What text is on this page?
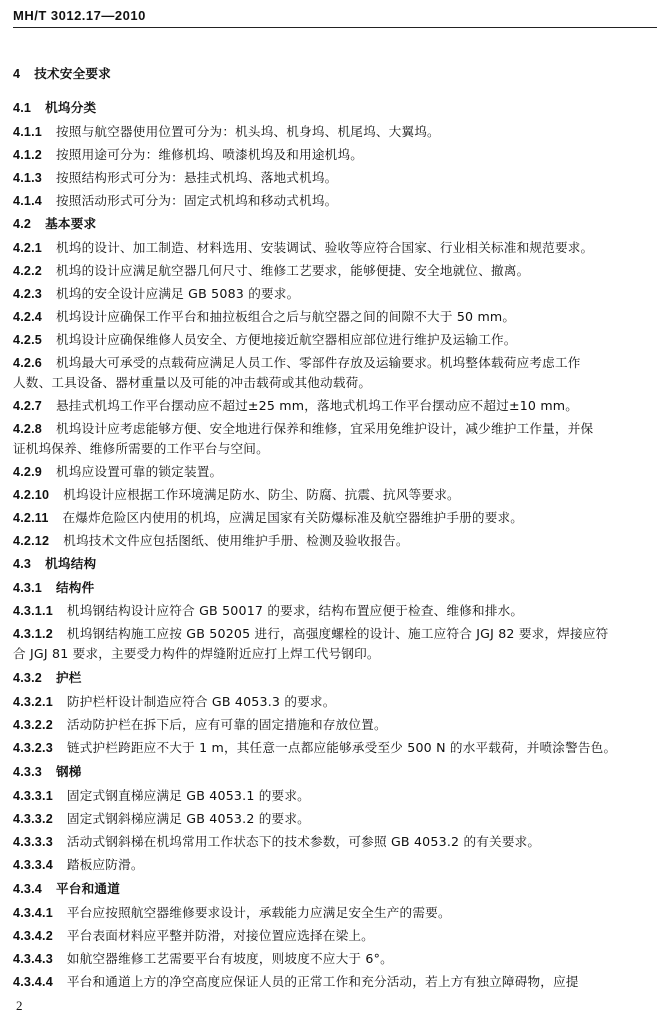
MH/T 3012.17—2010
4 技术安全要求
4.1 机坞分类
4.1.1 按照与航空器使用位置可分为：机头坞、机身坞、机尾坞、大翼坞。
4.1.2 按照用途可分为：维修机坞、喷漆机坞及和用途机坞。
4.1.3 按照结构形式可分为：悬挂式机坞、落地式机坞。
4.1.4 按照活动形式可分为：固定式机坞和移动式机坞。
4.2 基本要求
4.2.1 机坞的设计、加工制造、材料选用、安装调试、验收等应符合国家、行业相关标准和规范要求。
4.2.2 机坞的设计应满足航空器几何尺寸、维修工艺要求，能够便捷、安全地就位、撤离。
4.2.3 机坞的安全设计应满足 GB 5083 的要求。
4.2.4 机坞设计应确保工作平台和抽拉板组合之后与航空器之间的间隙不大于 50 mm。
4.2.5 机坞设计应确保维修人员安全、方便地接近航空器相应部位进行维护及运输工作。
4.2.6 机坞最大可承受的点载荷应满足人员工作、零部件存放及运输要求。机坞整体载荷应考虑工作
人数、工具设备、器材重量以及可能的冲击载荷或其他动载荷。
4.2.7 悬挂式机坞工作平台摆动应不超过±25 mm，落地式机坞工作平台摆动应不超过±10 mm。
4.2.8 机坞设计应考虑能够方便、安全地进行保养和维修，宜采用免维护设计，减少维护工作量，并保
证机坞保养、维修所需要的工作平台与空间。
4.2.9 机坞应设置可靠的锁定装置。
4.2.10 机坞设计应根据工作环境满足防水、防尘、防腐、抗震、抗风等要求。
4.2.11 在爆炸危险区内使用的机坞，应满足国家有关防爆标准及航空器维护手册的要求。
4.2.12 机坞技术文件应包括图纸、使用维护手册、检测及验收报告。
4.3 机坞结构
4.3.1 结构件
4.3.1.1 机坞钢结构设计应符合 GB 50017 的要求，结构布置应便于检查、维修和排水。
4.3.1.2 机坞钢结构施工应按 GB 50205 进行，高强度螺栓的设计、施工应符合 JGJ 82 要求，焊接应符
合 JGJ 81 要求，主要受力构件的焊缝附近应打上焊工代号钢印。
4.3.2 护栏
4.3.2.1 防护栏杆设计制造应符合 GB 4053.3 的要求。
4.3.2.2 活动防护栏在拆下后，应有可靠的固定措施和存放位置。
4.3.2.3 链式护栏跨距应不大于 1 m，其任意一点都应能够承受至少 500 N 的水平载荷，并喷涂警告色。
4.3.3 钢梯
4.3.3.1 固定式钢直梯应满足 GB 4053.1 的要求。
4.3.3.2 固定式钢斜梯应满足 GB 4053.2 的要求。
4.3.3.3 活动式钢斜梯在机坞常用工作状态下的技术参数，可参照 GB 4053.2 的有关要求。
4.3.3.4 踏板应防滑。
4.3.4 平台和通道
4.3.4.1 平台应按照航空器维修要求设计，承载能力应满足安全生产的需要。
4.3.4.2 平台表面材料应平整并防滑，对接位置应选择在梁上。
4.3.4.3 如航空器维修工艺需要平台有坡度，则坡度不应大于 6°。
4.3.4.4 平台和通道上方的净空高度应保证人员的正常工作和充分活动，若上方有独立障碍物，应提
2
